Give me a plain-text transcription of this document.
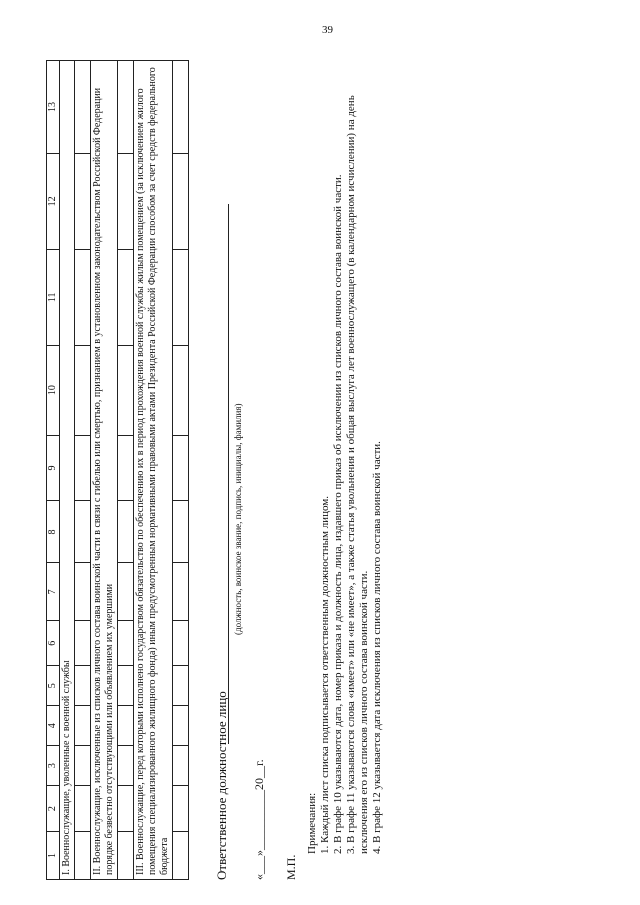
39
1	2	3	4	5	6	7	8	9	10	11	12	13
I. Военнослужащие, уволенные с военной службы												

II. Военнослужащие, исключенные из списков личного состава воинской части в связи с гибелью или смертью, признанием в установленном законодательством Российской Федерации порядке безвестно отсутствующими или объявлением их умершими												

III. Военнослужащие, перед которыми исполнено государством обязательство по обеспечению их в период прохождения военной службы жилым помещением (за исключением жилого помещения специализированного жилищного фонда) иным предусмотренным нормативными правовыми актами Президента Российской Федерации способом за счет средств федерального бюджета												
													Ответственное должностное лицо
(должность, воинское звание, подпись, инициалы, фамилия)
«___»__________20__г. М.П.

Примечания: 1. Каждый лист списка подписывается ответственным должностным лицом. 2. В графе 10 указываются дата, номер приказа и должность лица, издавшего приказ об исключении из списков личного состава воинской части. 3. В графе 11 указываются слова «имеет» или «не имеет», а также статья увольнения и общая выслуга лет военнослужащего (в календарном исчислении) на день исключения его из списков личного состава воинской части. 4. В графе 12 указывается дата исключения из списков личного состава воинской части.
